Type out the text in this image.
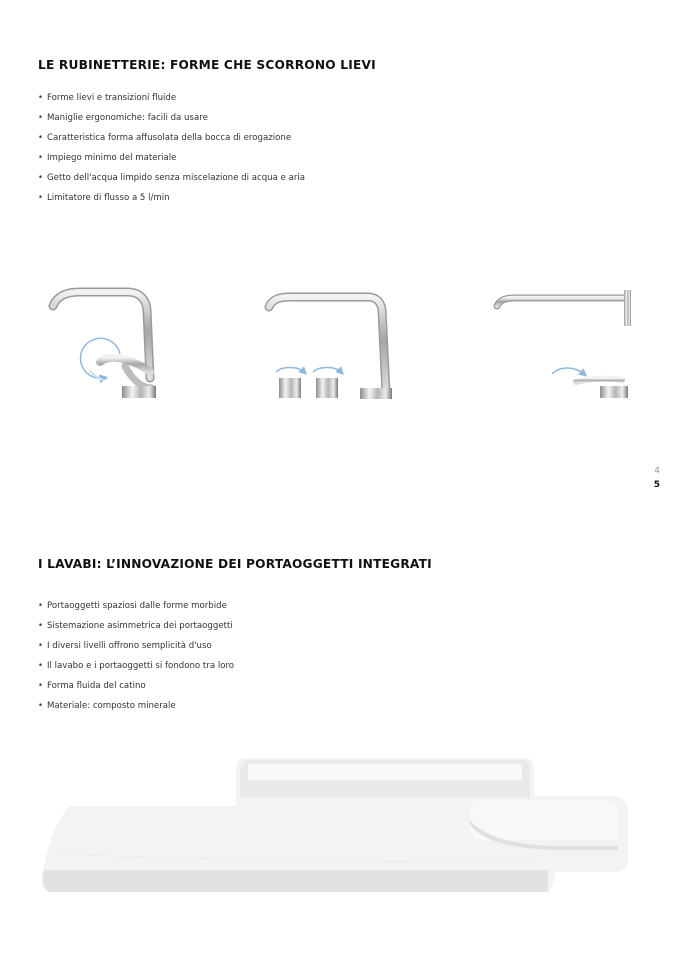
LE RUBINETTERIE: FORME CHE SCORRONO LIEVI
• Forme lievi e transizioni fluide
• Maniglie ergonomiche: facili da usare
• Caratteristica forma affusolata della bocca di erogazione
• Impiego minimo del materiale
• Getto dell'acqua limpido senza miscelazione di acqua e aria
• Limitatore di flusso a 5 l/min
4
5
I LAVABI: L’INNOVAZIONE DEI PORTAOGGETTI INTEGRATI
• Portaoggetti spaziosi dalle forme morbide
• Sistemazione asimmetrica dei portaoggetti
• I diversi livelli offrono semplicità d'uso
• Il lavabo e i portaoggetti si fondono tra loro
• Forma fluida del catino
• Materiale: composto minerale
